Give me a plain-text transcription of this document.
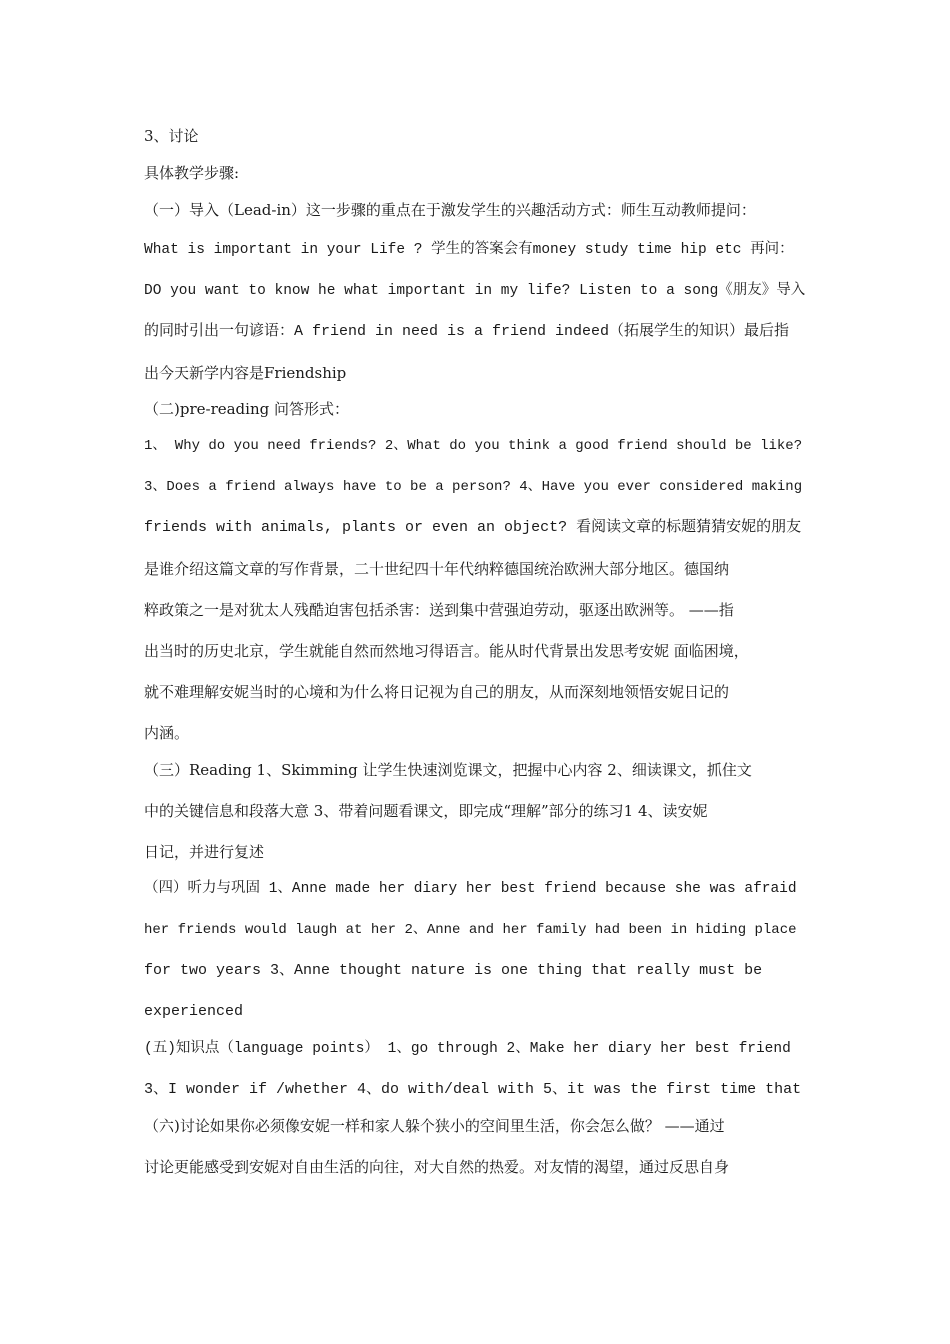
3、讨论
具体教学步骤:
（一）导入（Lead-in）这一步骤的重点在于激发学生的兴趣活动方式：师生互动教师提问：
What is important in your Life ? 学生的答案会有money study time hip etc 再问：
DO you want to know he what important in my life? Listen to a song《朋友》导入
的同时引出一句谚语：A friend in need is a friend indeed（拓展学生的知识）最后指
出今天新学内容是Friendship
（二)pre-reading 问答形式：
1、 Why do you need friends? 2、What do you think a good friend should be like?
3、Does a friend always have to be a person? 4、Have you ever considered making
friends with animals, plants or even an object? 看阅读文章的标题猜猜安妮的朋友
是谁介绍这篇文章的写作背景，二十世纪四十年代纳粹德国统治欧洲大部分地区。德国纳
粹政策之一是对犹太人残酷迫害包括杀害：送到集中营强迫劳动，驱逐出欧洲等。 ——指
出当时的历史北京，学生就能自然而然地习得语言。能从时代背景出发思考安妮 面临困境，
就不难理解安妮当时的心境和为什么将日记视为自己的朋友，从而深刻地领悟安妮日记的
内涵。
（三）Reading 1、Skimming 让学生快速浏览课文，把握中心内容 2、细读课文，抓住文
中的关键信息和段落大意 3、带着问题看课文，即完成“理解”部分的练习1 4、读安妮
日记，并进行复述
（四）听力与巩固 1、Anne made her diary her best friend because she was afraid
her friends would laugh at her 2、Anne and her family had been in hiding place
for two years 3、Anne thought nature is one thing that really must be
experienced
(五)知识点（language points） 1、go through 2、Make her diary her best friend
3、I wonder if /whether 4、do with/deal with 5、it was the first time that
（六)讨论如果你必须像安妮一样和家人躲个狭小的空间里生活，你会怎么做？ ——通过
讨论更能感受到安妮对自由生活的向往，对大自然的热爱。对友情的渴望，通过反思自身
